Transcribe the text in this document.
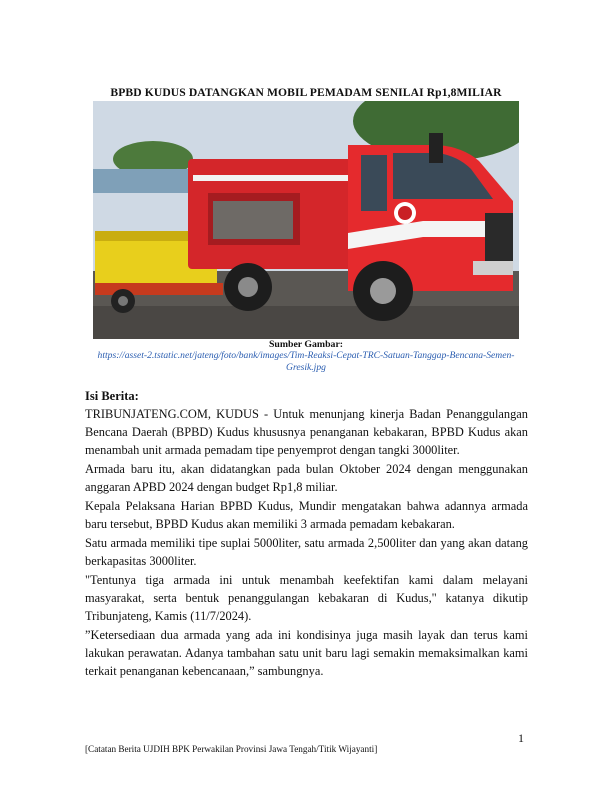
BPBD KUDUS DATANGKAN MOBIL PEMADAM SENILAI Rp1,8MILIAR
Sumber Gambar:
https://asset-2.tstatic.net/jateng/foto/bank/images/Tim-Reaksi-Cepat-TRC-Satuan-Tanggap-Bencana-Semen-Gresik.jpg
Isi Berita:

TRIBUNJATENG.COM, KUDUS - Untuk menunjang kinerja Badan Penanggulangan Bencana Daerah (BPBD) Kudus khususnya penanganan kebakaran, BPBD Kudus akan menambah unit armada pemadam tipe penyemprot dengan tangki 3000liter.

Armada baru itu, akan didatangkan pada bulan Oktober 2024 dengan menggunakan anggaran APBD 2024 dengan budget Rp1,8 miliar.

Kepala Pelaksana Harian BPBD Kudus, Mundir mengatakan bahwa adannya armada baru tersebut, BPBD Kudus akan memiliki 3 armada pemadam kebakaran.

Satu armada memiliki tipe suplai 5000liter, satu armada 2,500liter dan yang akan datang berkapasitas 3000liter.

"Tentunya tiga armada ini untuk menambah keefektifan kami dalam melayani masyarakat, serta bentuk penanggulangan kebakaran di Kudus," katanya dikutip Tribunjateng, Kamis (11/7/2024).

”Ketersediaan dua armada yang ada ini kondisinya juga masih layak dan terus kami lakukan perawatan. Adanya tambahan satu unit baru lagi semakin memaksimalkan kami terkait penanganan kebencanaan,” sambungnya.

1
[Catatan Berita UJDIH BPK Perwakilan Provinsi Jawa Tengah/Titik Wijayanti]
